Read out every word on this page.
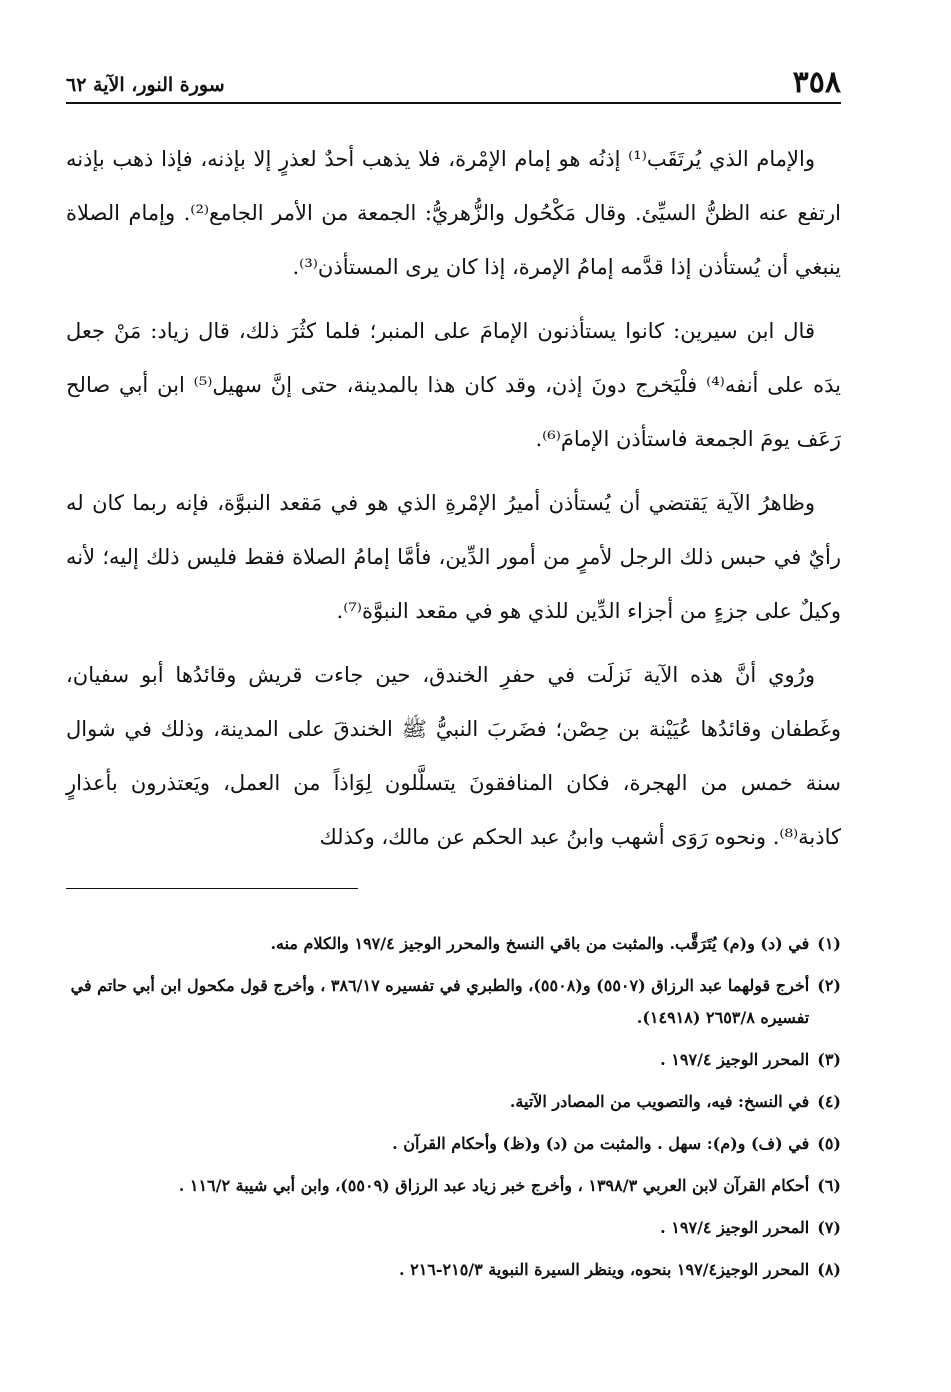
٣٥٨
سورة النور، الآية ٦٢

والإمام الذي يُرتَقَب⁽¹⁾ إذنُه هو إمام الإمْرة، فلا يذهب أحدٌ لعذرٍ إلا بإذنه، فإذا ذهب بإذنه ارتفع عنه الظنُّ السيِّئ. وقال مَكْحُول والزُّهريُّ: الجمعة من الأمر الجامع⁽²⁾. وإمام الصلاة ينبغي أن يُستأذن إذا قدَّمه إمامُ الإمرة، إذا كان يرى المستأذن⁽³⁾.

قال ابن سيرين: كانوا يستأذنون الإمامَ على المنبر؛ فلما كثُرَ ذلك، قال زياد: مَنْ جعل يدَه على أنفه⁽⁴⁾ فلْيَخرج دونَ إذن، وقد كان هذا بالمدينة، حتى إنَّ سهيل⁽⁵⁾ ابن أبي صالح رَعَف يومَ الجمعة فاستأذن الإمامَ⁽⁶⁾.

وظاهرُ الآية يَقتضي أن يُستأذن أميرُ الإمْرةِ الذي هو في مَقعد النبوَّة، فإنه ربما كان له رأيٌ في حبس ذلك الرجل لأمرٍ من أمور الدِّين، فأمَّا إمامُ الصلاة فقط فليس ذلك إليه؛ لأنه وكيلٌ على جزءٍ من أجزاء الدِّين للذي هو في مقعد النبوَّة⁽⁷⁾.

ورُوي أنَّ هذه الآية نَزلَت في حفرِ الخندق، حين جاءت قريش وقائدُها أبو سفيان، وغَطفان وقائدُها عُيَيْنة بن حِصْن؛ فضَربَ النبيُّ ﷺ الخندقَ على المدينة، وذلك في شوال سنة خمس من الهجرة، فكان المنافقونَ يتسلَّلون لِوَاذاً من العمل، ويَعتذرون بأعذارٍ كاذبة⁽⁸⁾. ونحوه رَوَى أشهب وابنُ عبد الحكم عن مالك، وكذلك

(١)
في (د) و(م) يُتَرَقَّب. والمثبت من باقي النسخ والمحرر الوجيز ١٩٧/٤ والكلام منه.
(٢)
أخرج قولهما عبد الرزاق (٥٥٠٧) و(٥٥٠٨)، والطبري في تفسيره ٣٨٦/١٧ ، وأخرج قول مكحول ابن أبي حاتم في تفسيره ٢٦٥٣/٨ (١٤٩١٨).
(٣)
المحرر الوجيز ١٩٧/٤ .
(٤)
في النسخ: فيه، والتصويب من المصادر الآتية.
(٥)
في (ف) و(م): سهل . والمثبت من (د) و(ظ) وأحكام القرآن .
(٦)
أحكام القرآن لابن العربي ١٣٩٨/٣ ، وأخرج خبر زياد عبد الرزاق (٥٥٠٩)، وابن أبي شيبة ١١٦/٢ .
(٧)
المحرر الوجيز ١٩٧/٤ .
(٨)
المحرر الوجيز١٩٧/٤ بنحوه، وينظر السيرة النبوية ٢١٥/٣-٢١٦ .
